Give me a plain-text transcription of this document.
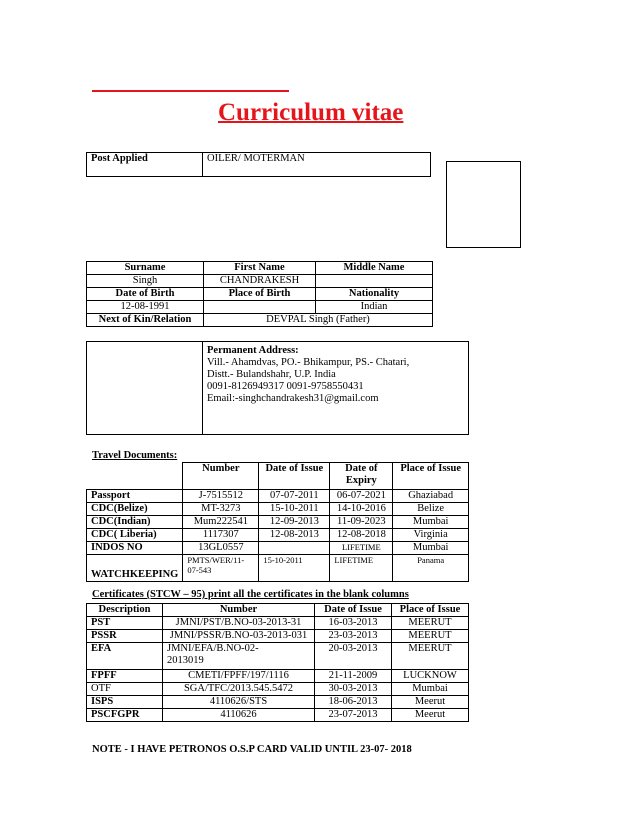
Curriculum vitae
Post Applied	OILER/ MOTERMAN
Surname	First Name	Middle Name
Singh	CHANDRAKESH	
Date of Birth	Place of Birth	Nationality
12-08-1991		Indian
Next of Kin/Relation	DEVPAL Singh (Father)	

Permanent Address:
Vill.- Ahamdvas, PO.- Bhikampur, PS.- Chatari,
Distt.- Bulandshahr, U.P. India
0091-8126949317 0091-9758550431
Email:-singhchandrakesh31@gmail.com
Travel Documents:
	Number	Date of Issue	Date of Expiry	Place of Issue
Passport	J-7515512	07-07-2011	06-07-2021	Ghaziabad
CDC(Belize)	MT-3273	15-10-2011	14-10-2016	Belize
CDC(Indian)	Mum222541	12-09-2013	11-09-2023	Mumbai
CDC( Liberia)	1117307	12-08-2013	12-08-2018	Virginia
INDOS NO	13GL0557		LIFETIME	Mumbai
WATCHKEEPING	PMTS/WER/11-07-543	15-10-2011	LIFETIME	Panama
Certificates (STCW – 95) print all the certificates in the blank columns
Description	Number	Date of Issue	Place of Issue
PST	JMNI/PST/B.NO-03-2013-31	16-03-2013	MEERUT
PSSR	JMNI/PSSR/B.NO-03-2013-031	23-03-2013	MEERUT
EFA	JMNI/EFA/B.NO-02-2013019	20-03-2013	MEERUT
FPFF	CMETI/FPFF/197/1116	21-11-2009	LUCKNOW
OTF	SGA/TFC/2013.545.5472	30-03-2013	Mumbai
ISPS	4110626/STS	18-06-2013	Meerut
PSCFGPR	4110626	23-07-2013	Meerut
NOTE - I HAVE PETRONOS O.S.P CARD VALID UNTIL 23-07- 2018
